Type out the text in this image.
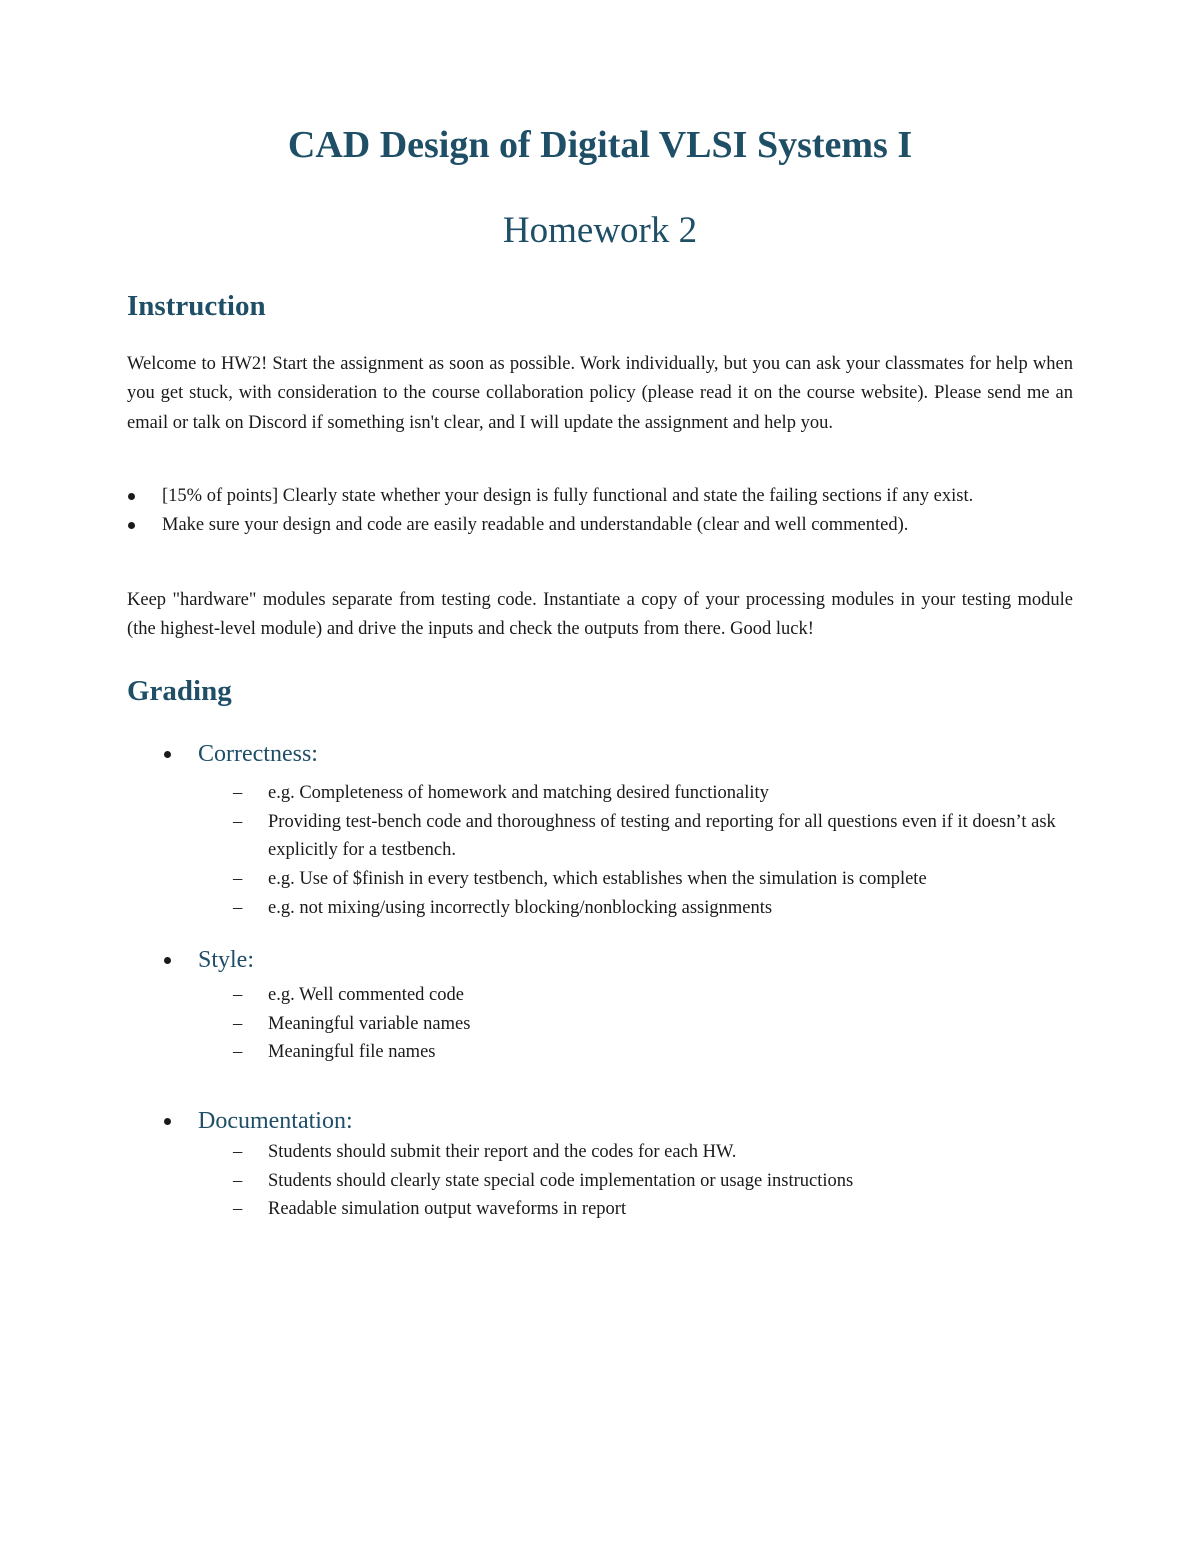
CAD Design of Digital VLSI Systems I
Homework 2
Instruction

Welcome to HW2! Start the assignment as soon as possible. Work individually, but you can ask your classmates for help when you get stuck, with consideration to the course collaboration policy (please read it on the course website). Please send me an email or talk on Discord if something isn't clear, and I will update the assignment and help you.

[15% of points] Clearly state whether your design is fully functional and state the failing sections if any exist.
Make sure your design and code are easily readable and understandable (clear and well commented).

Keep "hardware" modules separate from testing code. Instantiate a copy of your processing modules in your testing module (the highest-level module) and drive the inputs and check the outputs from there. Good luck!

Grading
Correctness:
– e.g. Completeness of homework and matching desired functionality
– Providing test-bench code and thoroughness of testing and reporting for all questions even if it doesn’t ask explicitly for a testbench.
– e.g. Use of $finish in every testbench, which establishes when the simulation is complete
– e.g. not mixing/using incorrectly blocking/nonblocking assignments
Style:
– e.g. Well commented code
– Meaningful variable names
– Meaningful file names
Documentation:
– Students should submit their report and the codes for each HW.
– Students should clearly state special code implementation or usage instructions
– Readable simulation output waveforms in report
